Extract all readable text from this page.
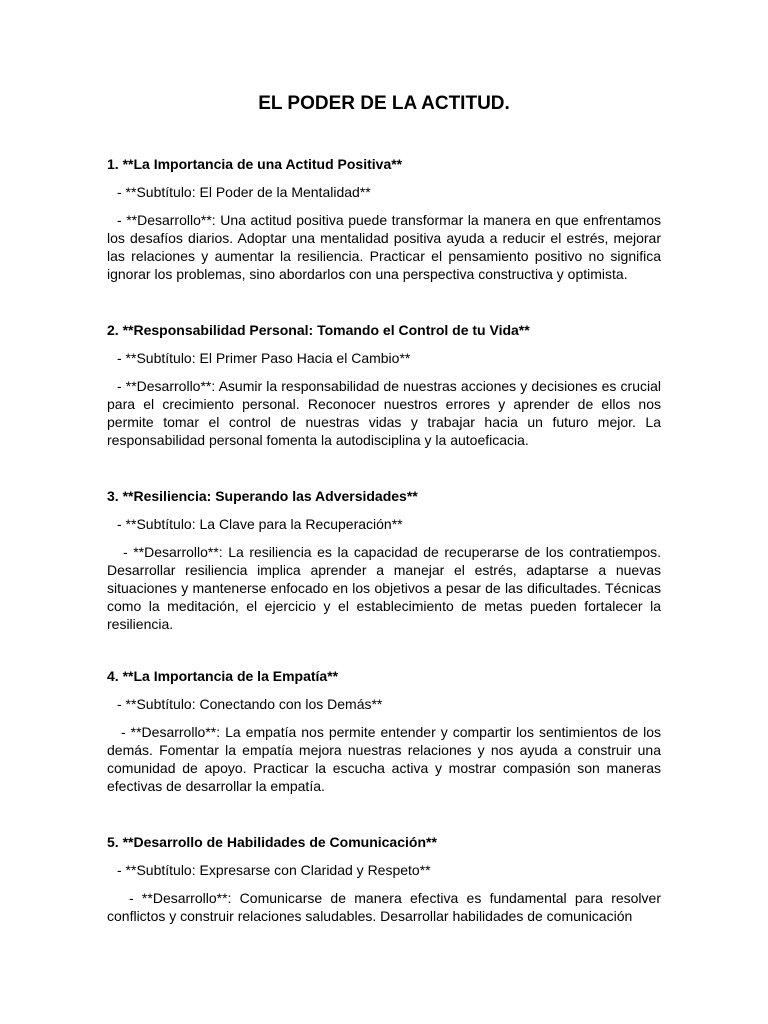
EL PODER DE LA ACTITUD.

1. **La Importancia de una Actitud Positiva**

- **Subtítulo: El Poder de la Mentalidad**

- **Desarrollo**: Una actitud positiva puede transformar la manera en que enfrentamos los desafíos diarios. Adoptar una mentalidad positiva ayuda a reducir el estrés, mejorar las relaciones y aumentar la resiliencia. Practicar el pensamiento positivo no significa ignorar los problemas, sino abordarlos con una perspectiva constructiva y optimista.

2. **Responsabilidad Personal: Tomando el Control de tu Vida**

- **Subtítulo: El Primer Paso Hacia el Cambio**

- **Desarrollo**: Asumir la responsabilidad de nuestras acciones y decisiones es crucial para el crecimiento personal. Reconocer nuestros errores y aprender de ellos nos permite tomar el control de nuestras vidas y trabajar hacia un futuro mejor. La responsabilidad personal fomenta la autodisciplina y la autoeficacia.

3. **Resiliencia: Superando las Adversidades**

- **Subtítulo: La Clave para la Recuperación**

- **Desarrollo**: La resiliencia es la capacidad de recuperarse de los contratiempos. Desarrollar resiliencia implica aprender a manejar el estrés, adaptarse a nuevas situaciones y mantenerse enfocado en los objetivos a pesar de las dificultades. Técnicas como la meditación, el ejercicio y el establecimiento de metas pueden fortalecer la resiliencia.

4. **La Importancia de la Empatía**

- **Subtítulo: Conectando con los Demás**

- **Desarrollo**: La empatía nos permite entender y compartir los sentimientos de los demás. Fomentar la empatía mejora nuestras relaciones y nos ayuda a construir una comunidad de apoyo. Practicar la escucha activa y mostrar compasión son maneras efectivas de desarrollar la empatía.

5. **Desarrollo de Habilidades de Comunicación**

- **Subtítulo: Expresarse con Claridad y Respeto**

- **Desarrollo**: Comunicarse de manera efectiva es fundamental para resolver conflictos y construir relaciones saludables. Desarrollar habilidades de comunicación
